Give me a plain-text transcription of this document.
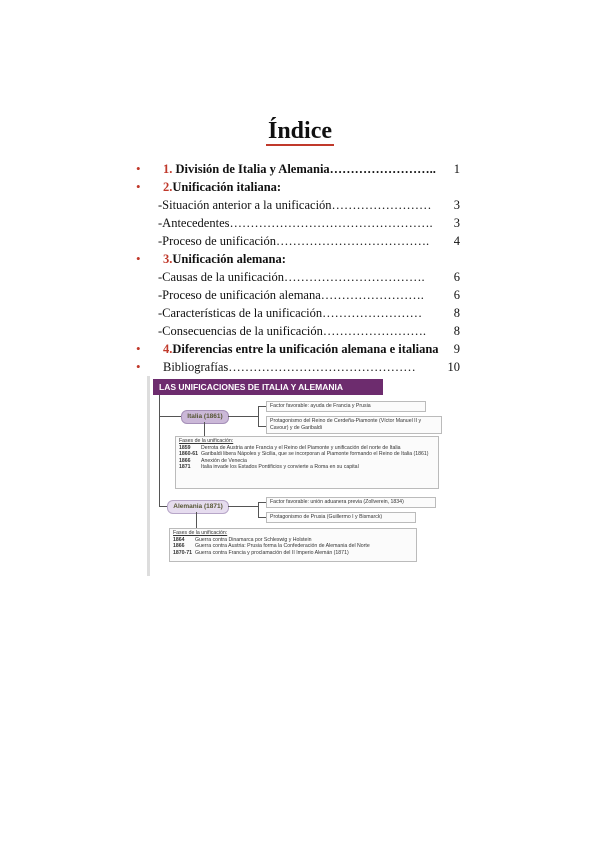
Índice
• 1. División de Italia y Alemania……………………..	1
• 2.Unificación italiana:
-Situación anterior a la unificación……………………	3
-Antecedentes………………………………………….	3
-Proceso de unificación……………………………….	4
• 3.Unificación alemana:
-Causas de la unificación…………………………….	6
-Proceso de unificación alemana…………………….	6
-Características de la unificación……………………	8
-Consecuencias de la unificación…………………….	8
• 4.Diferencias entre la unificación alemana e italiana	9
• Bibliografías………………………………………	10
LAS UNIFICACIONES DE ITALIA Y ALEMANIA
Italia (1861)
Factor favorable: ayuda de Francia y Prusia
Protagonismo del Reino de Cerdeña-Piamonte (Víctor Manuel II y Cavour) y de Garibaldi
Fases de la unificación:
1859 Derrota de Austria ante Francia y el Reino del Piamonte y unificación del norte de Italia
1860-61 Garibaldi libera Nápoles y Sicilia, que se incorporan al Piamonte formando el Reino de Italia (1861)
1866 Anexión de Venecia
1871 Italia invade los Estados Pontificios y convierte a Roma en su capital
Alemania (1871)
Factor favorable: unión aduanera previa (Zollverein, 1834)
Protagonismo de Prusia (Guillermo I y Bismarck)
Fases de la unificación:
1864 Guerra contra Dinamarca por Schleswig y Holstein
1866 Guerra contra Austria: Prusia forma la Confederación de Alemania del Norte
1870-71 Guerra contra Francia y proclamación del II Imperio Alemán (1871)
